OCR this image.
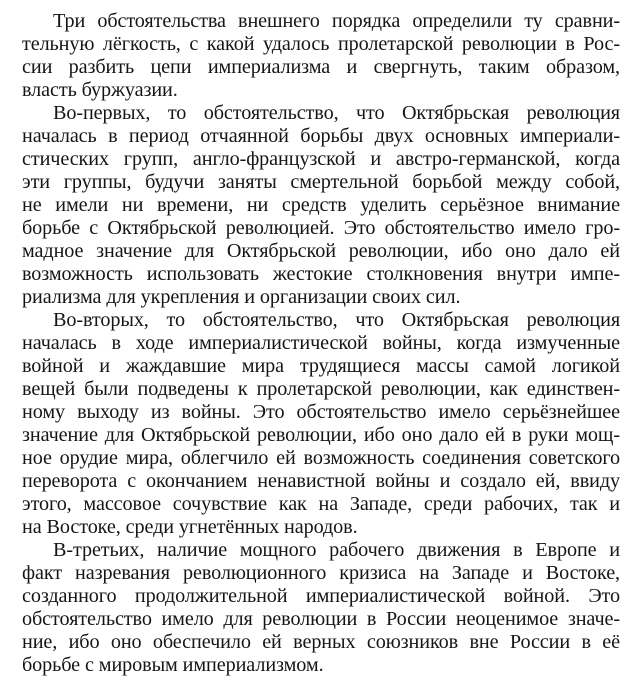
Три обстоятельства внешнего порядка определили ту сравни-
тельную лёгкость, с какой удалось пролетарской революции в Рос-
сии разбить цепи империализма и свергнуть, таким образом,
власть буржуазии.
Во-первых, то обстоятельство, что Октябрьская революция
началась в период отчаянной борьбы двух основных империали-
стических групп, англо-французской и австро-германской, когда
эти группы, будучи заняты смертельной борьбой между собой,
не имели ни времени, ни средств уделить серьёзное внимание
борьбе с Октябрьской революцией. Это обстоятельство имело гро-
мадное значение для Октябрьской революции, ибо оно дало ей
возможность использовать жестокие столкновения внутри импе-
риализма для укрепления и организации своих сил.
Во-вторых, то обстоятельство, что Октябрьская революция
началась в ходе империалистической войны, когда измученные
войной и жаждавшие мира трудящиеся массы самой логикой
вещей были подведены к пролетарской революции, как единствен-
ному выходу из войны. Это обстоятельство имело серьёзнейшее
значение для Октябрьской революции, ибо оно дало ей в руки мощ-
ное орудие мира, облегчило ей возможность соединения советского
переворота с окончанием ненавистной войны и создало ей, ввиду
этого, массовое сочувствие как на Западе, среди рабочих, так и
на Востоке, среди угнетённых народов.
В-третьих, наличие мощного рабочего движения в Европе и
факт назревания революционного кризиса на Западе и Востоке,
созданного продолжительной империалистической войной. Это
обстоятельство имело для революции в России неоценимое значе-
ние, ибо оно обеспечило ей верных союзников вне России в её
борьбе с мировым империализмом.
